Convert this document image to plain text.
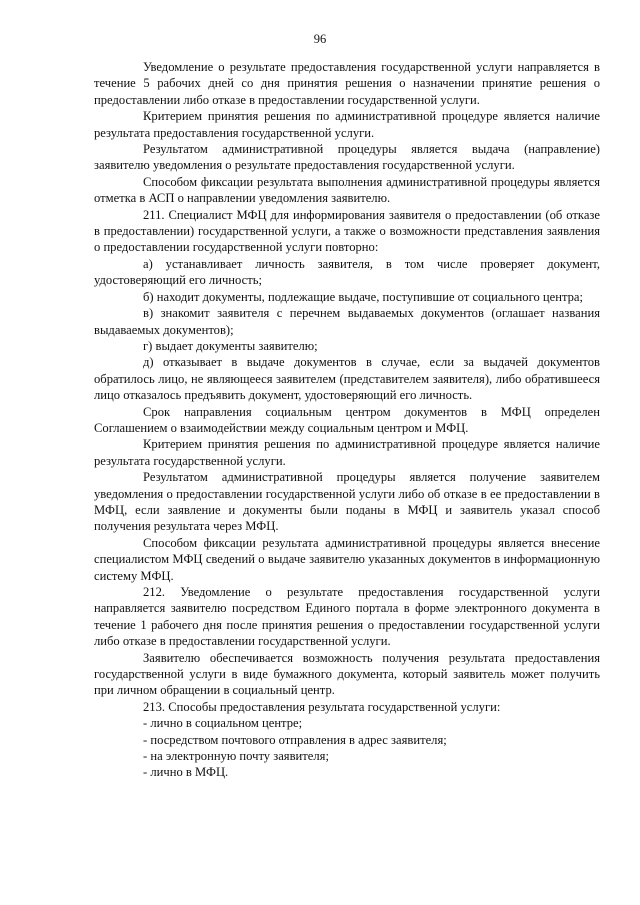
96

Уведомление о результате предоставления государственной услуги направляется в течение 5 рабочих дней со дня принятия решения о назначении принятие решения о предоставлении либо отказе в предоставлении государственной услуги.

Критерием принятия решения по административной процедуре является наличие результата предоставления государственной услуги.

Результатом административной процедуры является выдача (направление) заявителю уведомления о результате предоставления государственной услуги.

Способом фиксации результата выполнения административной процедуры является отметка в АСП о направлении уведомления заявителю.

211. Специалист МФЦ для информирования заявителя о предоставлении (об отказе в предоставлении) государственной услуги, а также о возможности представления заявления о предоставлении государственной услуги повторно:

а) устанавливает личность заявителя, в том числе проверяет документ, удостоверяющий его личность;

б) находит документы, подлежащие выдаче, поступившие от социального центра;

в) знакомит заявителя с перечнем выдаваемых документов (оглашает названия выдаваемых документов);

г) выдает документы заявителю;

д) отказывает в выдаче документов в случае, если за выдачей документов обратилось лицо, не являющееся заявителем (представителем заявителя), либо обратившееся лицо отказалось предъявить документ, удостоверяющий его личность.

Срок направления социальным центром документов в МФЦ определен Соглашением о взаимодействии между социальным центром и МФЦ.

Критерием принятия решения по административной процедуре является наличие результата государственной услуги.

Результатом административной процедуры является получение заявителем уведомления о предоставлении государственной услуги либо об отказе в ее предоставлении в МФЦ, если заявление и документы были поданы в МФЦ и заявитель указал способ получения результата через МФЦ.

Способом фиксации результата административной процедуры является внесение специалистом МФЦ сведений о выдаче заявителю указанных документов в информационную систему МФЦ.

212. Уведомление о результате предоставления государственной услуги направляется заявителю посредством Единого портала в форме электронного документа в течение 1 рабочего дня после принятия решения о предоставлении государственной услуги либо отказе в предоставлении государственной услуги.

Заявителю обеспечивается возможность получения результата предоставления государственной услуги в виде бумажного документа, который заявитель может получить при личном обращении в социальный центр.

213. Способы предоставления результата государственной услуги:

- лично в социальном центре;

- посредством почтового отправления в адрес заявителя;

- на электронную почту заявителя;

- лично в МФЦ.
